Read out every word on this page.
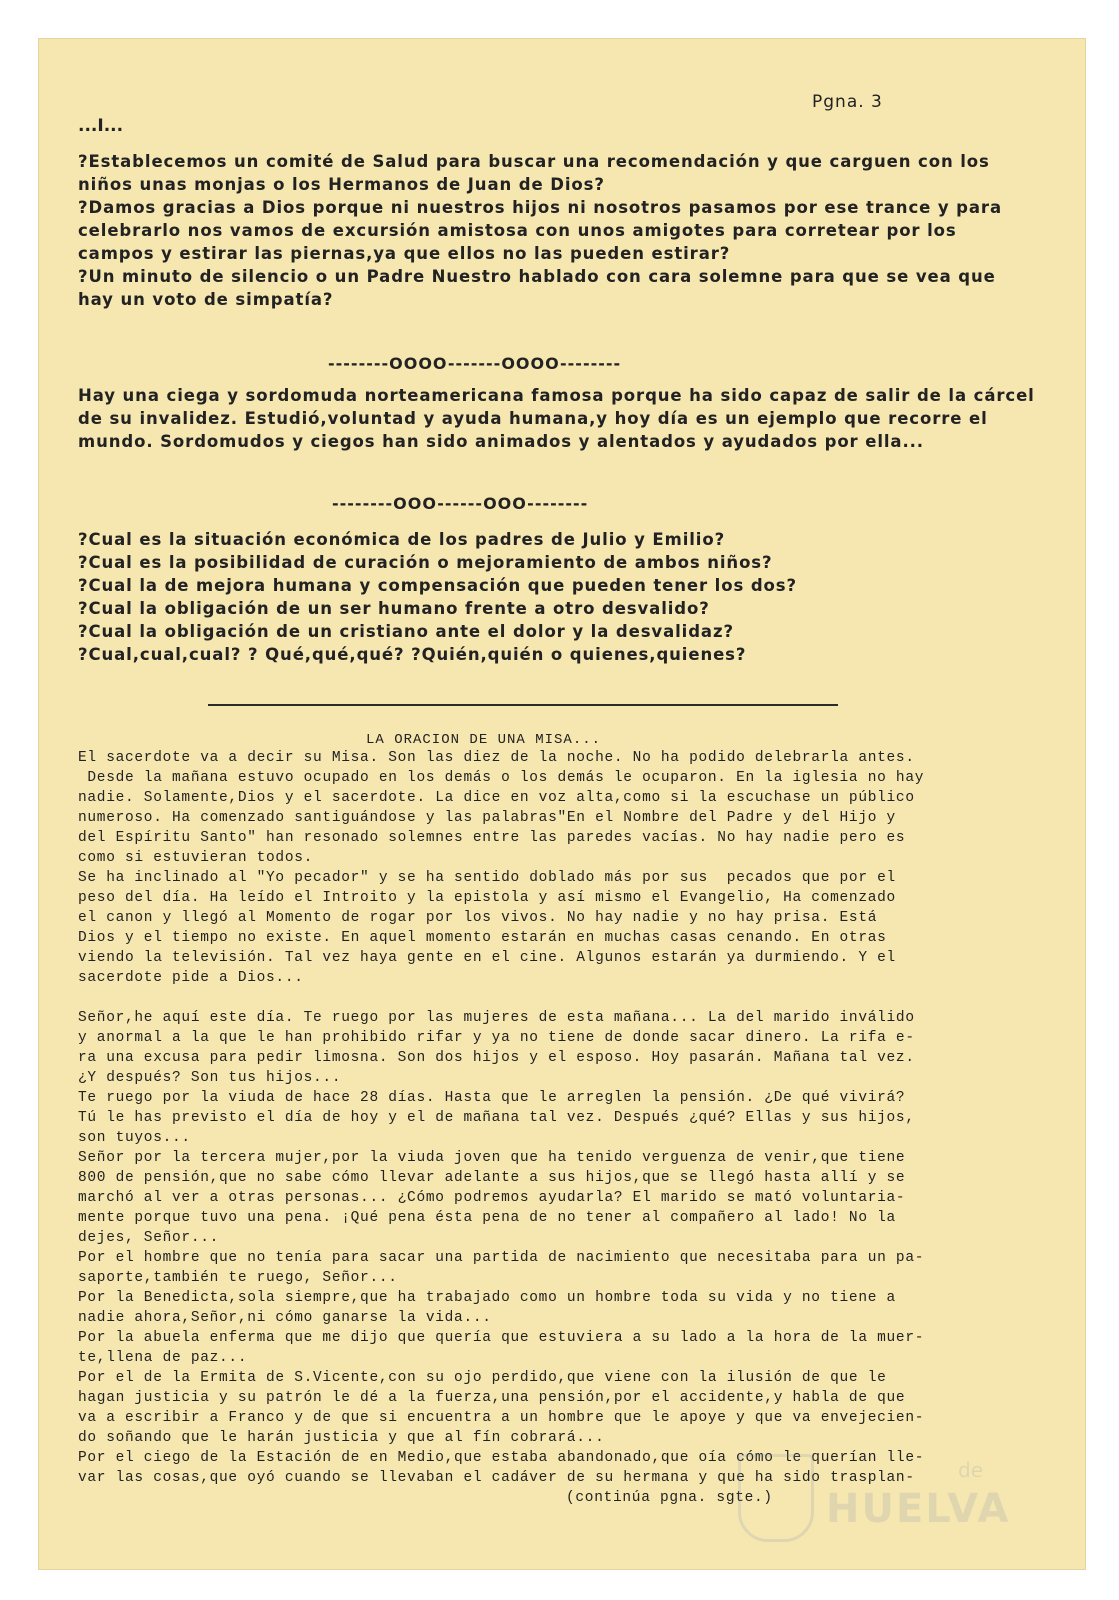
Pgna. 3
...I...

?Establecemos un comité de Salud para buscar una recomendación y que carguen con los niños unas monjas o los Hermanos de Juan de Dios?

?Damos gracias a Dios porque ni nuestros hijos ni nosotros pasamos por ese trance y para celebrarlo nos vamos de excursión amistosa con unos amigotes para corretear por los campos y estirar las piernas,ya que ellos no las pueden estirar?

?Un minuto de silencio o un Padre Nuestro hablado con cara solemne para que se vea que hay un voto de simpatía?

--------OOOO-------OOOO--------

Hay una ciega y sordomuda norteamericana famosa porque ha sido capaz de salir de la cárcel de su invalidez. Estudió,voluntad y ayuda humana,y hoy día es un ejemplo que recorre el mundo. Sordomudos y ciegos han sido animados y alentados y ayudados por ella...

--------OOO------OOO--------

?Cual es la situación económica de los padres de Julio y Emilio?

?Cual es la posibilidad de curación o mejoramiento de ambos niños?

?Cual la de mejora humana y compensación que pueden tener los dos?

?Cual la obligación de un ser humano frente a otro desvalido?

?Cual la obligación de un cristiano ante el dolor y la desvalidaz?

?Cual,cual,cual? ? Qué,qué,qué? ?Quién,quién o quienes,quienes?

LA ORACION DE UNA MISA...

El sacerdote va a decir su Misa. Son las diez de la noche. No ha podido delebrarla antes.

Desde la mañana estuvo ocupado en los demás o los demás le ocuparon. En la iglesia no hay

nadie. Solamente,Dios y el sacerdote. La dice en voz alta,como si la escuchase un público

numeroso. Ha comenzado santiguándose y las palabras"En el Nombre del Padre y del Hijo y

del Espíritu Santo" han resonado solemnes entre las paredes vacías. No hay nadie pero es

como si estuvieran todos.

Se ha inclinado al "Yo pecador" y se ha sentido doblado más por sus  pecados que por el

peso del día. Ha leído el Introito y la epistola y así mismo el Evangelio, Ha comenzado

el canon y llegó al Momento de rogar por los vivos. No hay nadie y no hay prisa. Está

Dios y el tiempo no existe. En aquel momento estarán en muchas casas cenando. En otras

viendo la televisión. Tal vez haya gente en el cine. Algunos estarán ya durmiendo. Y el

sacerdote pide a Dios...

Señor,he aquí este día. Te ruego por las mujeres de esta mañana... La del marido inválido

y anormal a la que le han prohibido rifar y ya no tiene de donde sacar dinero. La rifa e-

ra una excusa para pedir limosna. Son dos hijos y el esposo. Hoy pasarán. Mañana tal vez.

¿Y después? Son tus hijos...

Te ruego por la viuda de hace 28 días. Hasta que le arreglen la pensión. ¿De qué vivirá?

Tú le has previsto el día de hoy y el de mañana tal vez. Después ¿qué? Ellas y sus hijos,

son tuyos...

Señor por la tercera mujer,por la viuda joven que ha tenido verguenza de venir,que tiene

800 de pensión,que no sabe cómo llevar adelante a sus hijos,que se llegó hasta allí y se

marchó al ver a otras personas... ¿Cómo podremos ayudarla? El marido se mató voluntaria-

mente porque tuvo una pena. ¡Qué pena ésta pena de no tener al compañero al lado! No la

dejes, Señor...

Por el hombre que no tenía para sacar una partida de nacimiento que necesitaba para un pa-

saporte,también te ruego, Señor...

Por la Benedicta,sola siempre,que ha trabajado como un hombre toda su vida y no tiene a

nadie ahora,Señor,ni cómo ganarse la vida...

Por la abuela enferma que me dijo que quería que estuviera a su lado a la hora de la muer-

te,llena de paz...

Por el de la Ermita de S.Vicente,con su ojo perdido,que viene con la ilusión de que le

hagan justicia y su patrón le dé a la fuerza,una pensión,por el accidente,y habla de que

va a escribir a Franco y de que si encuentra a un hombre que le apoye y que va envejecien-

do soñando que le harán justicia y que al fín cobrará...

Por el ciego de la Estación de en Medio,que estaba abandonado,que oía cómo le querían lle-

var las cosas,que oyó cuando se llevaban el cadáver de su hermana y que ha sido trasplan-

(continúa pgna. sgte.)
de
HUELVA
